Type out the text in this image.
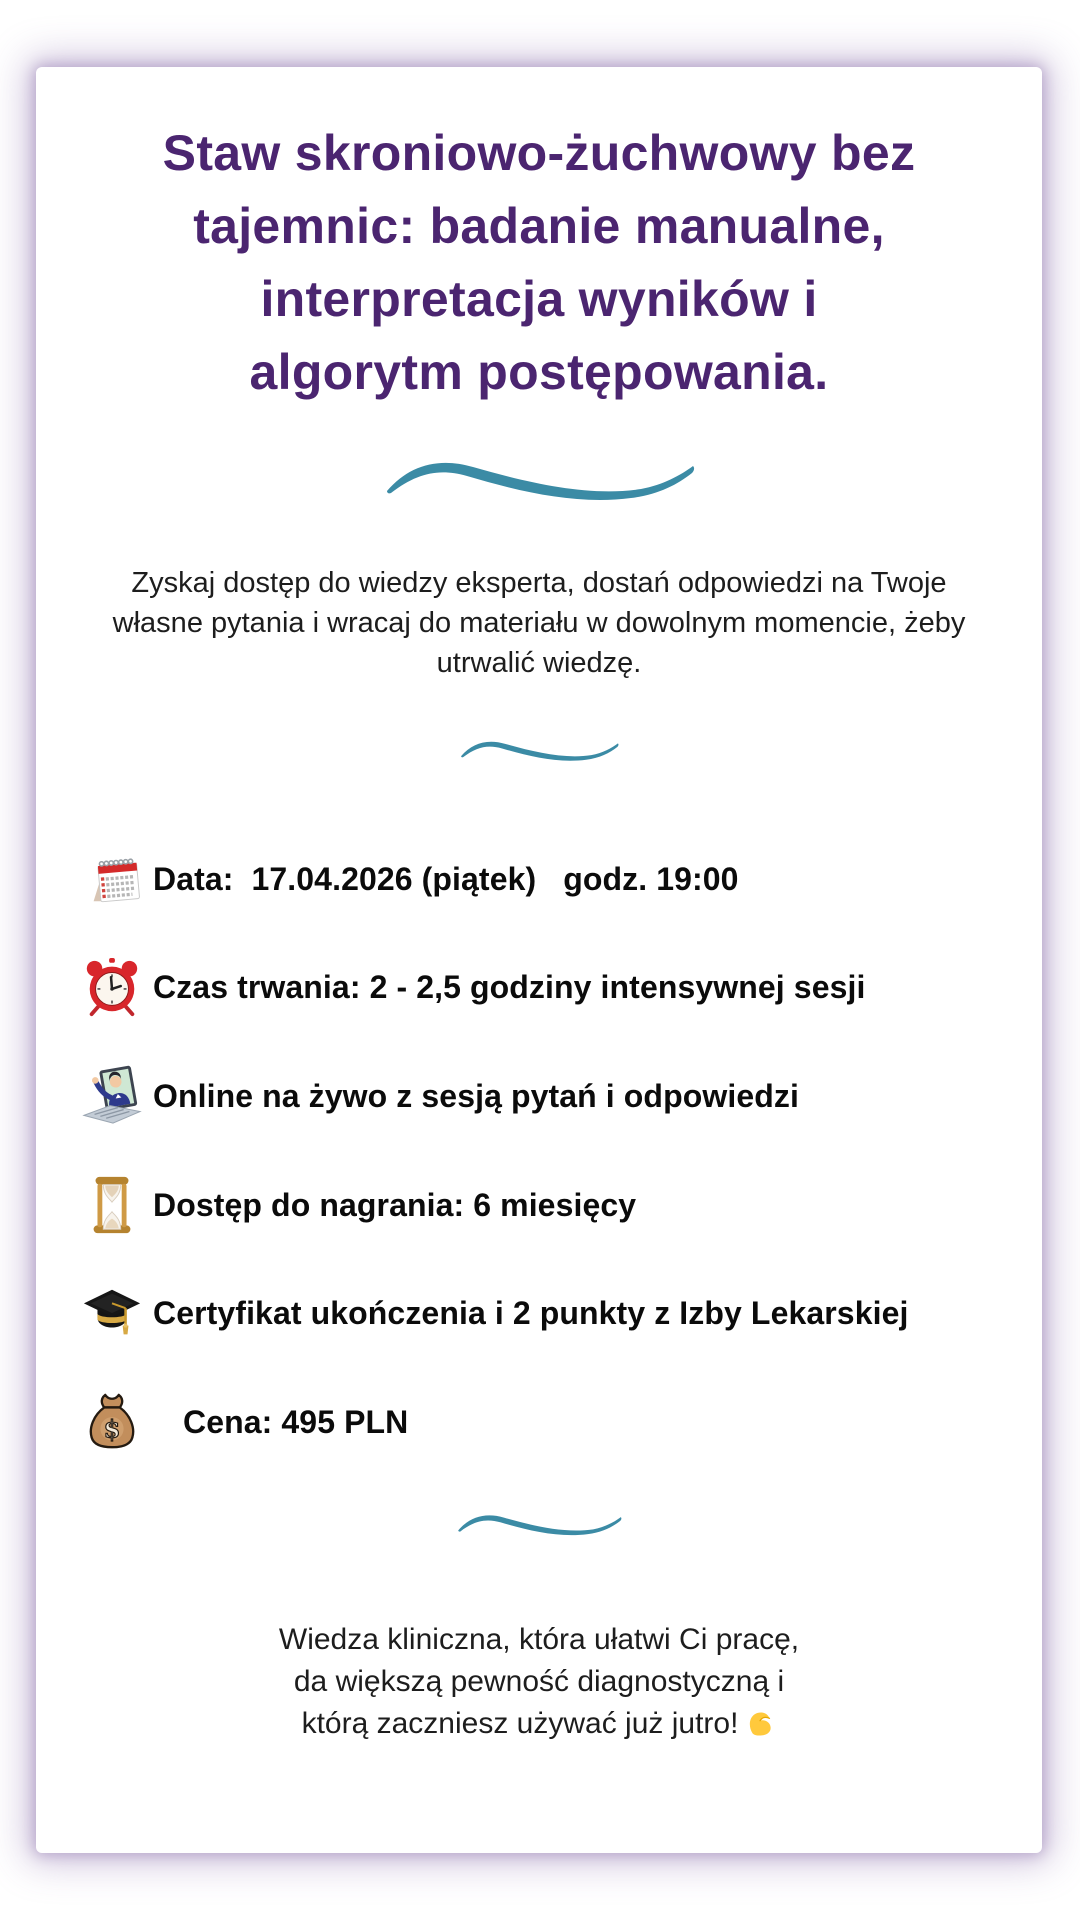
Staw skroniowo-żuchwowy bez
tajemnic: badanie manualne,
interpretacja wyników i
algorytm postępowania.

Zyskaj dostęp do wiedzy eksperta, dostań odpowiedzi na Twoje
własne pytania i wracaj do materiału w dowolnym momencie, żeby
utrwalić wiedzę.

Data:  17.04.2026 (piątek)   godz. 19:00
Czas trwania: 2 - 2,5 godziny intensywnej sesji
Online na żywo z sesją pytań i odpowiedzi
Dostęp do nagrania: 6 miesięcy
Certyfikat ukończenia i 2 punkty z Izby Lekarskiej
$ Cena: 495 PLN

Wiedza kliniczna, która ułatwi Ci pracę,
da większą pewność diagnostyczną i
którą zaczniesz używać już jutro!
